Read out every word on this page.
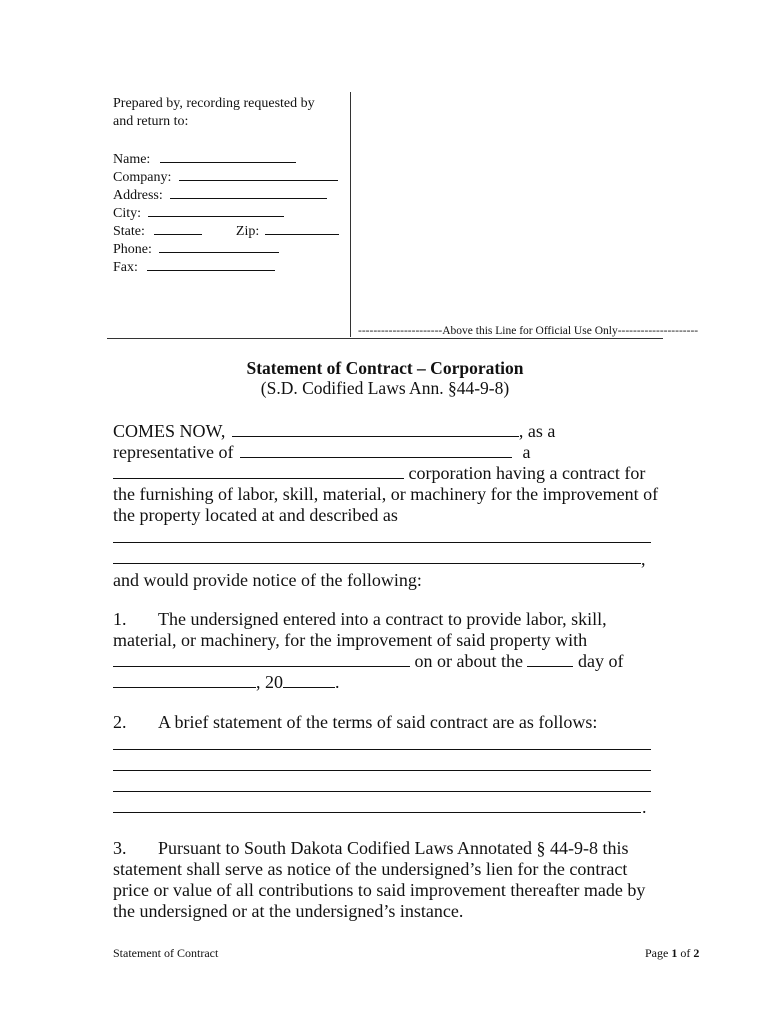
Prepared by, recording requested by
and return to:
Name:
Company:
Address:
City:
State:	Zip:
Phone:
Fax:
----------------------Above this Line for Official Use Only---------------------
Statement of Contract – Corporation
(S.D. Codified Laws Ann. §44-9-8)
COMES NOW,	, as a
representative of	a
corporation having a contract for
the furnishing of labor, skill, material, or machinery for the improvement of
the property located at and described as
,
and would provide notice of the following:
1. The undersigned entered into a contract to provide labor, skill,
material, or machinery, for the improvement of said property with
on or about the	day of
, 20	.
2. A brief statement of the terms of said contract are as follows:
.
3. Pursuant to South Dakota Codified Laws Annotated § 44-9-8 this
statement shall serve as notice of the undersigned’s lien for the contract
price or value of all contributions to said improvement thereafter made by
the undersigned or at the undersigned’s instance.
Statement of Contract	Page 1 of 2
